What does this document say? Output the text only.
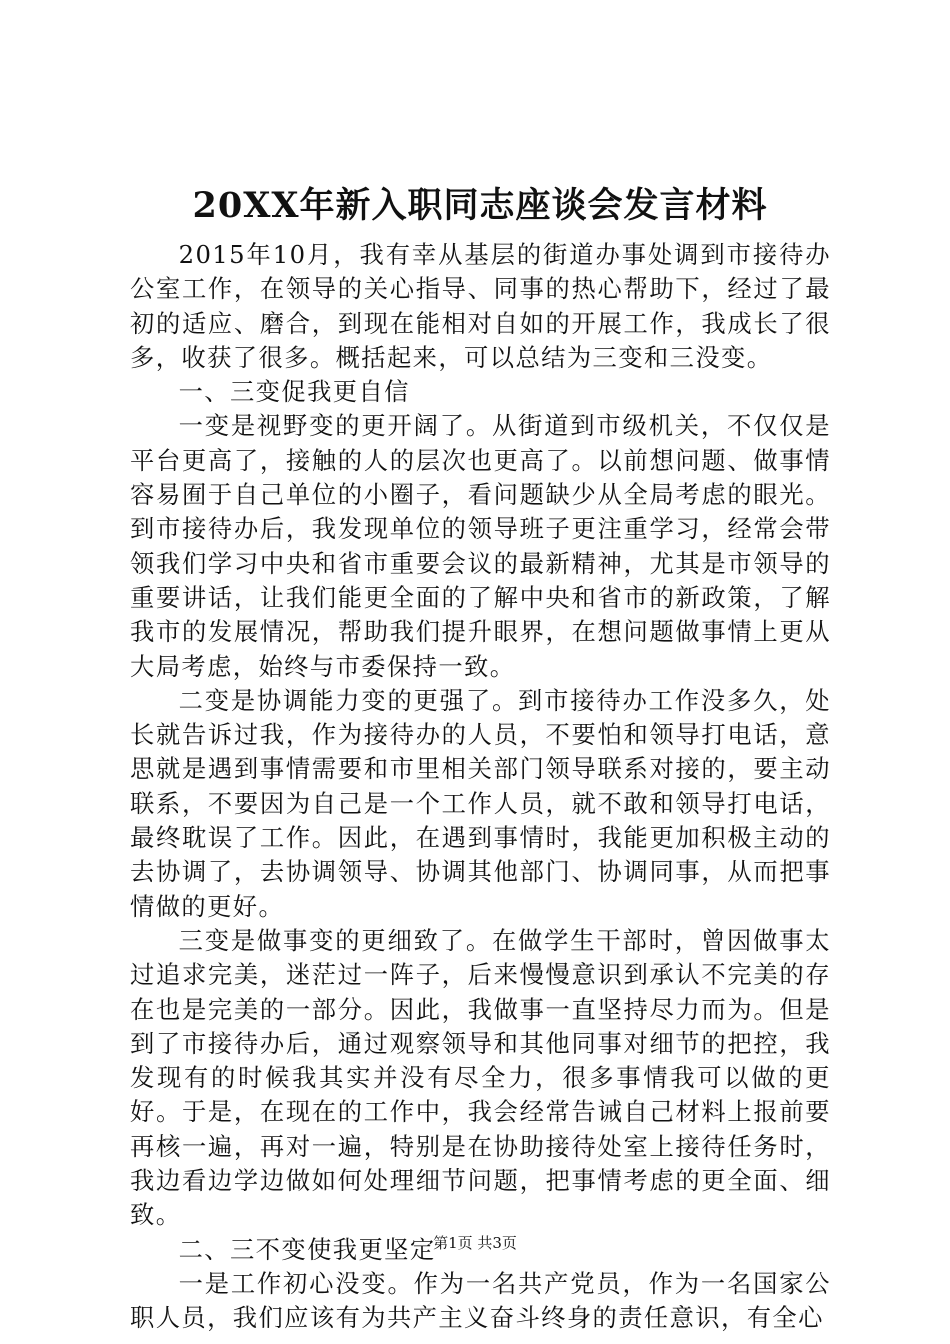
20XX年新入职同志座谈会发言材料

2015年10月，我有幸从基层的街道办事处调到市接待办公室工作，在领导的关心指导、同事的热心帮助下，经过了最初的适应、磨合，到现在能相对自如的开展工作，我成长了很多，收获了很多。概括起来，可以总结为三变和三没变。

一、三变促我更自信

一变是视野变的更开阔了。从街道到市级机关，不仅仅是平台更高了，接触的人的层次也更高了。以前想问题、做事情容易囿于自己单位的小圈子，看问题缺少从全局考虑的眼光。到市接待办后，我发现单位的领导班子更注重学习，经常会带领我们学习中央和省市重要会议的最新精神，尤其是市领导的重要讲话，让我们能更全面的了解中央和省市的新政策，了解我市的发展情况，帮助我们提升眼界，在想问题做事情上更从大局考虑，始终与市委保持一致。

二变是协调能力变的更强了。到市接待办工作没多久，处长就告诉过我，作为接待办的人员，不要怕和领导打电话，意思就是遇到事情需要和市里相关部门领导联系对接的，要主动联系，不要因为自己是一个工作人员，就不敢和领导打电话，最终耽误了工作。因此，在遇到事情时，我能更加积极主动的去协调了，去协调领导、协调其他部门、协调同事，从而把事情做的更好。

三变是做事变的更细致了。在做学生干部时，曾因做事太过追求完美，迷茫过一阵子，后来慢慢意识到承认不完美的存在也是完美的一部分。因此，我做事一直坚持尽力而为。但是到了市接待办后，通过观察领导和其他同事对细节的把控，我发现有的时候我其实并没有尽全力，很多事情我可以做的更好。于是，在现在的工作中，我会经常告诫自己材料上报前要再核一遍，再对一遍，特别是在协助接待处室上接待任务时，我边看边学边做如何处理细节问题，把事情考虑的更全面、细致。

二、三不变使我更坚定

一是工作初心没变。作为一名共产党员，作为一名国家公职人员，我们应该有为共产主义奋斗终身的责任意识，有全心

第1页 共3页
